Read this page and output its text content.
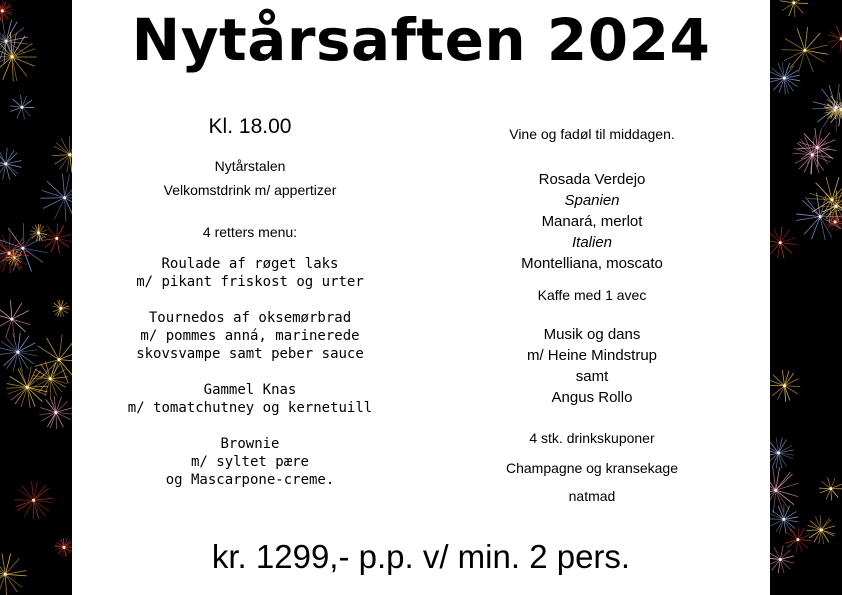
Nytårsaften 2024
Kl. 18.00
Nytårstalen
Velkomstdrink m/ appertizer
4 retters menu:
Roulade af røget laks
m/ pikant friskost og urter
Tournedos af oksemørbrad
m/ pommes anná, marinerede
skovsvampe samt peber sauce
Gammel Knas
m/ tomatchutney og kernetuill
Brownie
m/ syltet pære
og Mascarpone-creme.
Vine og fadøl til middagen.
Rosada Verdejo
Spanien
Manará, merlot
Italien
Montelliana, moscato
Kaffe med 1 avec
Musik og dans
m/ Heine Mindstrup
samt
Angus Rollo
4 stk. drinkskuponer
Champagne og kransekage
natmad
kr. 1299,- p.p. v/ min. 2 pers.
